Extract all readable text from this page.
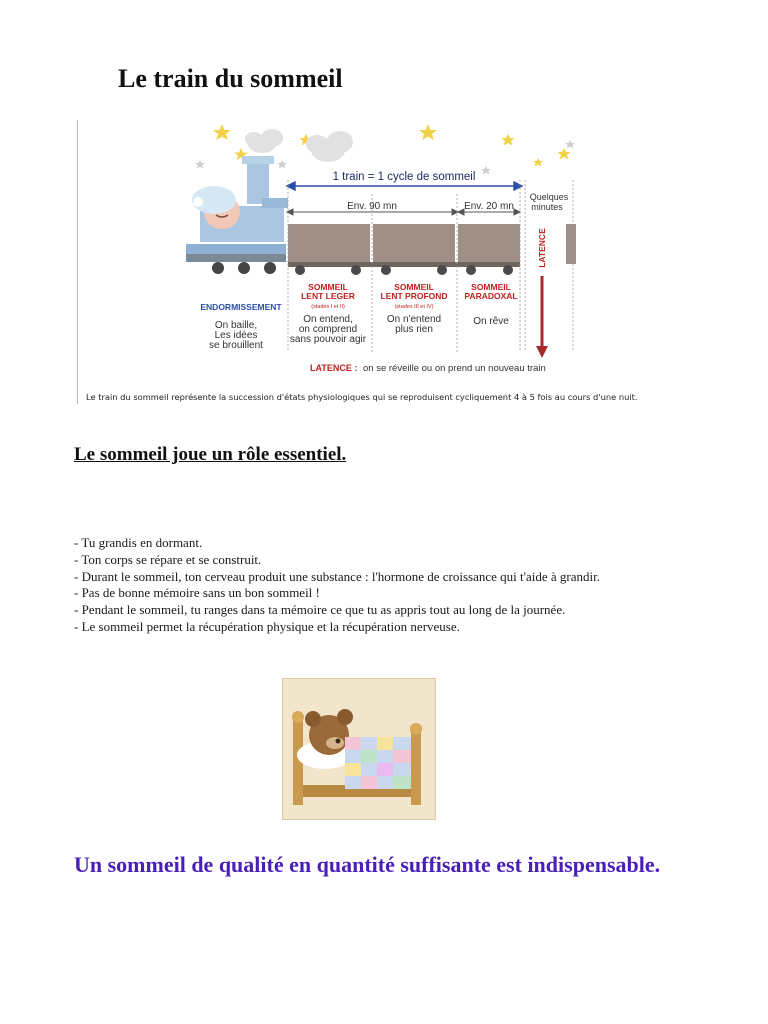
Le train du sommeil
1 train = 1 cycle de sommeil
Env. 90 mn	Env. 20 mn
Quelques
minutes
LATENCE
ENDORMISSEMENT
On baille,
Les idées
se brouillent
SOMMEIL
LENT LEGER
(stades I et II)
On entend,
on comprend
sans pouvoir agir
SOMMEIL
LENT PROFOND
(stades III et IV)
On n'entend
plus rien
SOMMEIL
PARADOXAL
On rêve
LATENCE : on se réveille ou on prend un nouveau train
Le train du sommeil représente la succession d'états physiologiques qui se reproduisent cycliquement 4 à 5 fois au cours d'une nuit.
Le sommeil joue un rôle essentiel.
- Tu grandis en dormant.
- Ton corps se répare et se construit.
- Durant le sommeil, ton cerveau produit une substance : l'hormone de croissance qui t'aide à grandir.
- Pas de bonne mémoire sans un bon sommeil !
- Pendant le sommeil, tu ranges dans ta mémoire ce que tu as appris tout au long de la journée.
- Le sommeil permet la récupération physique et la récupération nerveuse.

Un sommeil de qualité en quantité suffisante est indispensable.
